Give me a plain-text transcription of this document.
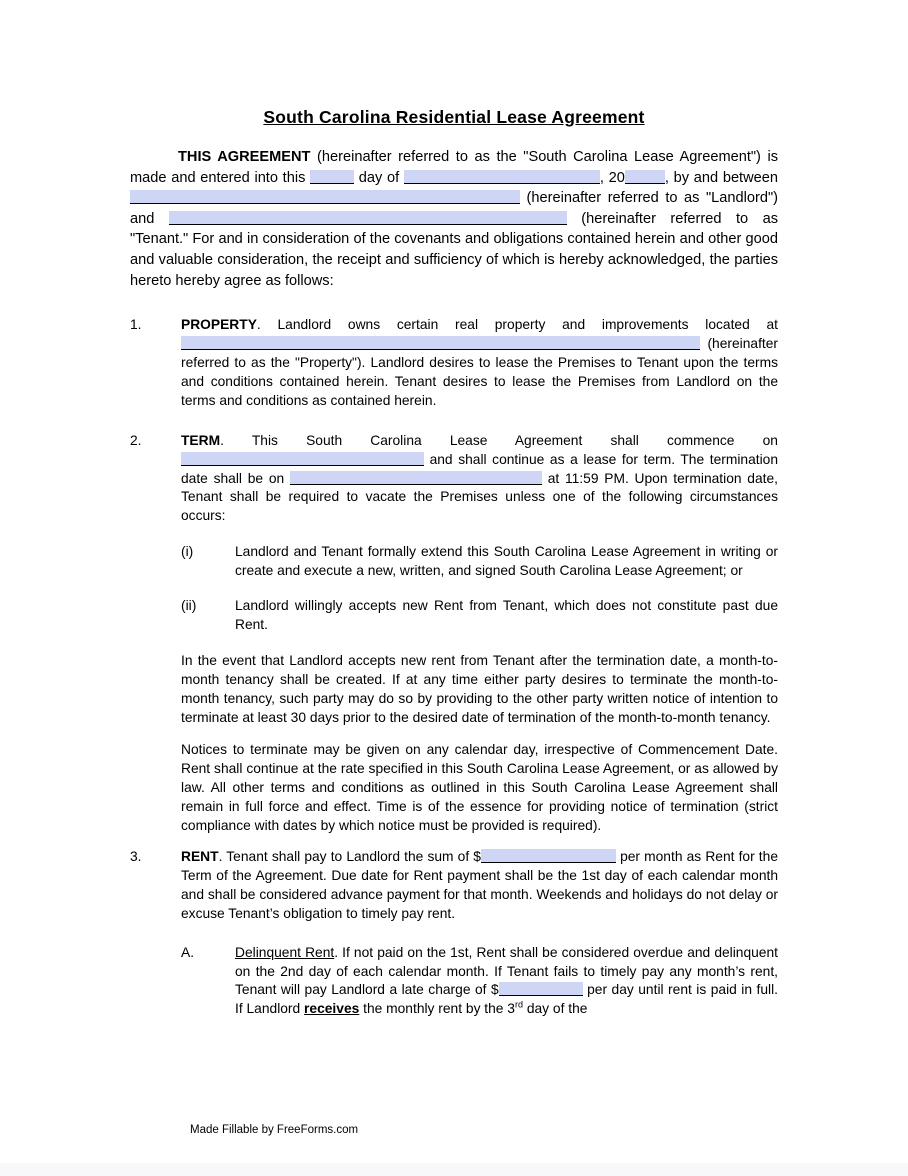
South Carolina Residential Lease Agreement

THIS AGREEMENT (hereinafter referred to as the "South Carolina Lease Agreement") is made and entered into this	day of	, 20	, by and between  (hereinafter referred to as "Landlord") and	(hereinafter referred to as "Tenant." For and in consideration of the covenants and obligations contained herein and other good and valuable consideration, the receipt and sufficiency of which is hereby acknowledged, the parties hereto hereby agree as follows:

1.	PROPERTY. Landlord owns certain real property and improvements located at  (hereinafter referred to as the "Property"). Landlord desires to lease the Premises to Tenant upon the terms and conditions contained herein. Tenant desires to lease the Premises from Landlord on the terms and conditions as contained herein.
2.	TERM. This South Carolina Lease Agreement shall commence on  and shall continue as a lease for term. The termination date shall be on	at 11:59 PM. Upon termination date, Tenant shall be required to vacate the Premises unless one of the following circumstances occurs:
(i)	Landlord and Tenant formally extend this South Carolina Lease Agreement in writing or create and execute a new, written, and signed South Carolina Lease Agreement; or
(ii)	Landlord willingly accepts new Rent from Tenant, which does not constitute past due Rent.

In the event that Landlord accepts new rent from Tenant after the termination date, a month-to-month tenancy shall be created. If at any time either party desires to terminate the month-to-month tenancy, such party may do so by providing to the other party written notice of intention to terminate at least 30 days prior to the desired date of termination of the month-to-month tenancy.

Notices to terminate may be given on any calendar day, irrespective of Commencement Date. Rent shall continue at the rate specified in this South Carolina Lease Agreement, or as allowed by law. All other terms and conditions as outlined in this South Carolina Lease Agreement shall remain in full force and effect. Time is of the essence for providing notice of termination (strict compliance with dates by which notice must be provided is required).

3.	RENT. Tenant shall pay to Landlord the sum of $	per month as Rent for the Term of the Agreement. Due date for Rent payment shall be the 1st day of each calendar month and shall be considered advance payment for that month. Weekends and holidays do not delay or excuse Tenant’s obligation to timely pay rent.
A.	Delinquent Rent. If not paid on the 1st, Rent shall be considered overdue and delinquent on the 2nd day of each calendar month. If Tenant fails to timely pay any month’s rent, Tenant will pay Landlord a late charge of $	per day until rent is paid in full. If Landlord receives the monthly rent by the 3rd day of the
Made Fillable by FreeForms.com
